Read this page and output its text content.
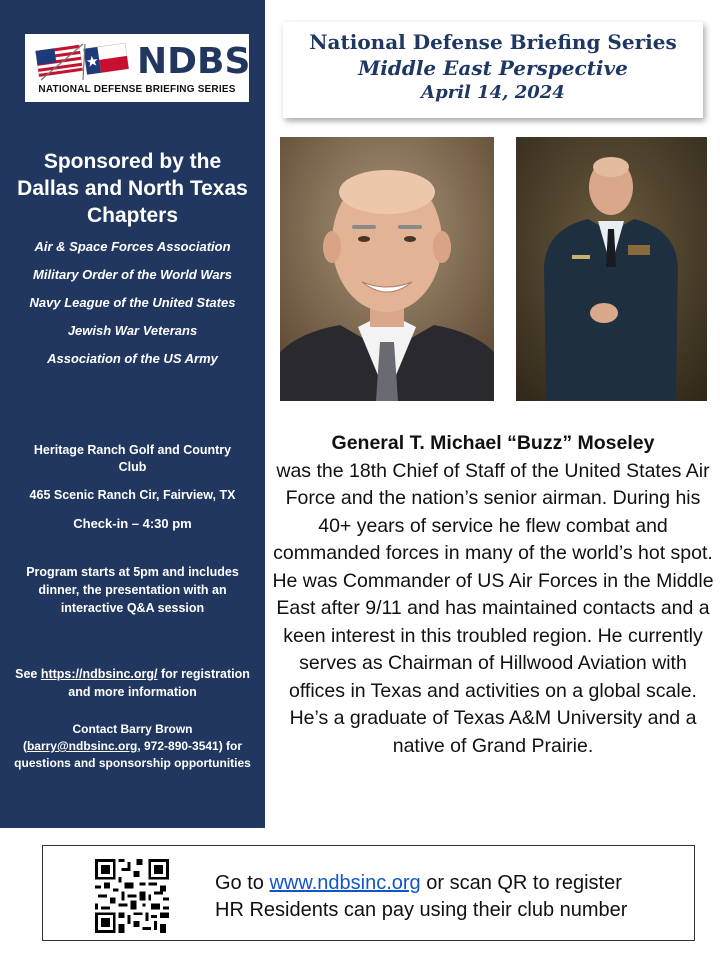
NDBS
NATIONAL DEFENSE BRIEFING SERIES
Sponsored by the Dallas and North Texas Chapters
Air & Space Forces Association
Military Order of the World Wars
Navy League of the United States
Jewish War Veterans
Association of the US Army
Heritage Ranch Golf and Country Club
465 Scenic Ranch Cir, Fairview, TX
Check-in – 4:30 pm
Program starts at 5pm and includes dinner, the presentation with an interactive Q&A session
See https://ndbsinc.org/ for registration and more information
Contact Barry Brown (barry@ndbsinc.org, 972-890-3541) for questions and sponsorship opportunities
National Defense Briefing Series
Middle East Perspective
April 14, 2024
General T. Michael “Buzz” Moseley
was the 18th Chief of Staff of the United States Air Force and the nation’s senior airman. During his 40+ years of service he flew combat and commanded forces in many of the world’s hot spot. He was Commander of US Air Forces in the Middle East after 9/11 and has maintained contacts and a keen interest in this troubled region. He currently serves as Chairman of Hillwood Aviation with offices in Texas and activities on a global scale. He’s a graduate of Texas A&M University and a native of Grand Prairie.
Go to www.ndbsinc.org or scan QR to register
HR Residents can pay using their club number
